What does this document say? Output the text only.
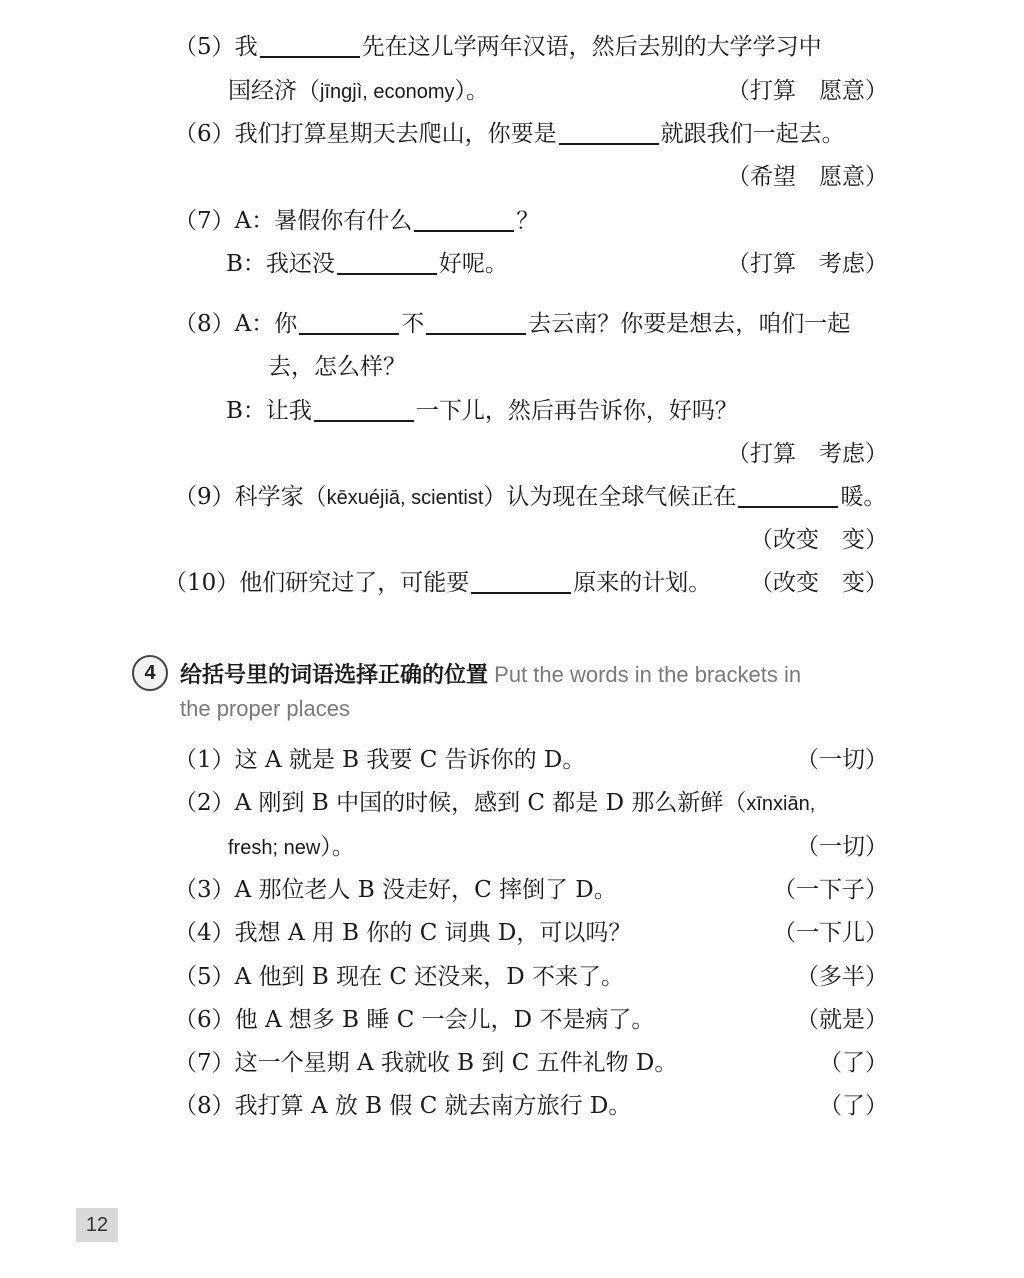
（5）我	先在这儿学两年汉语，然后去别的大学学习中
国经济（jīngjì, economy）。	（打算　愿意）
（6）我们打算星期天去爬山，你要是	就跟我们一起去。
（希望　愿意）
（7）A：暑假你有什么	？
B：我还没	好呢。	（打算　考虑）
（8）A：你	不	去云南？你要是想去，咱们一起
去，怎么样？
B：让我	一下儿，然后再告诉你，好吗？
（打算　考虑）
（9）科学家（kēxuéjiā, scientist）认为现在全球气候正在	暖。
（改变　变）
（10）他们研究过了，可能要	原来的计划。 （改变　变）
4	给括号里的词语选择正确的位置 Put the words in the brackets in
the proper places
（1）这 A 就是 B 我要 C 告诉你的 D。	（一切）
（2）A 刚到 B 中国的时候，感到 C 都是 D 那么新鲜（xīnxiān,
fresh; new）。	（一切）
（3）A 那位老人 B 没走好，C 摔倒了 D。	（一下子）
（4）我想 A 用 B 你的 C 词典 D，可以吗？	（一下儿）
（5）A 他到 B 现在 C 还没来，D 不来了。	（多半）
（6）他 A 想多 B 睡 C 一会儿，D 不是病了。	（就是）
（7）这一个星期 A 我就收 B 到 C 五件礼物 D。	（了）
（8）我打算 A 放 B 假 C 就去南方旅行 D。	（了）
12
